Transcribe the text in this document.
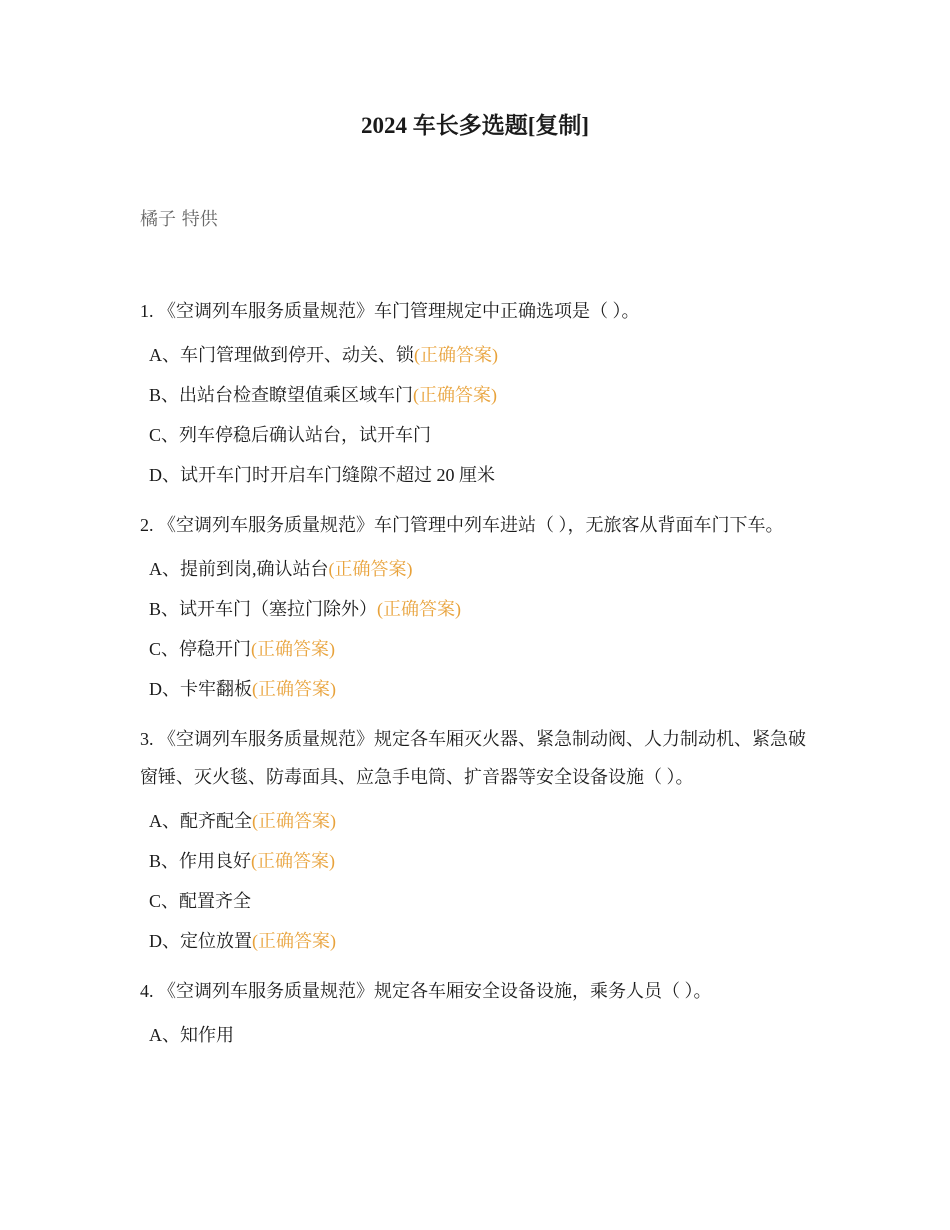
2024 车长多选题[复制]

橘子 特供

1. 《空调列车服务质量规范》车门管理规定中正确选项是（ ）。

A、车门管理做到停开、动关、锁(正确答案)
B、出站台检查瞭望值乘区域车门(正确答案)
C、列车停稳后确认站台，试开车门
D、试开车门时开启车门缝隙不超过 20 厘米

2. 《空调列车服务质量规范》车门管理中列车进站（ ），无旅客从背面车门下车。

A、提前到岗,确认站台(正确答案)
B、试开车门（塞拉门除外）(正确答案)
C、停稳开门(正确答案)
D、卡牢翻板(正确答案)

3. 《空调列车服务质量规范》规定各车厢灭火器、紧急制动阀、人力制动机、紧急破窗锤、灭火毯、防毒面具、应急手电筒、扩音器等安全设备设施（ ）。

A、配齐配全(正确答案)
B、作用良好(正确答案)
C、配置齐全
D、定位放置(正确答案)

4. 《空调列车服务质量规范》规定各车厢安全设备设施，乘务人员（ ）。

A、知作用
